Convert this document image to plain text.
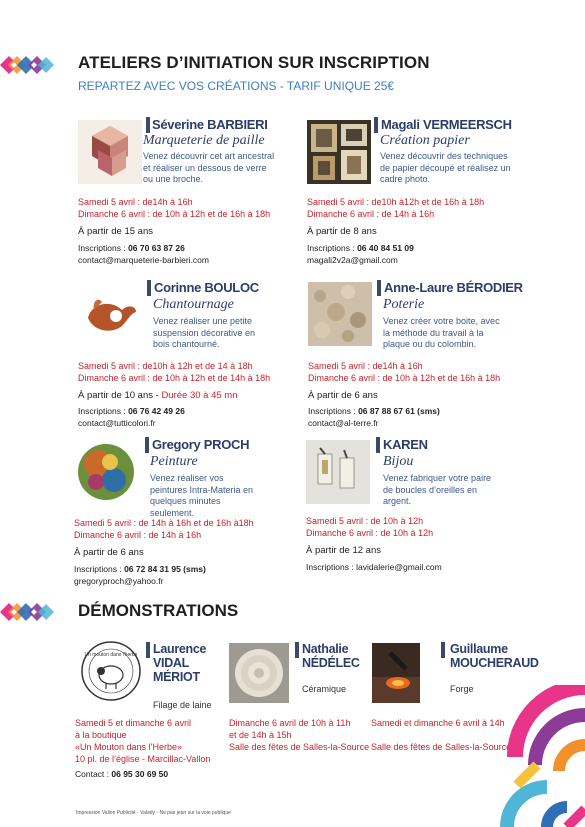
ATELIERS D’INITIATION SUR INSCRIPTION
REPARTEZ AVEC VOS CRÉATIONS - TARIF UNIQUE 25€
Séverine BARBIERI
Marqueterie de paille
Venez découvrir cet art ancestral et réaliser un dessous de verre ou une broche.
Samedi 5 avril : de14h à 16h
Dimanche 6 avril : de 10h à 12h et de 16h à 18h
À partir de 15 ans
Inscriptions : 06 70 63 87 26
contact@marqueterie-barbieri.com
Magali VERMEERSCH
Création papier
Venez découvrir des techniques de papier découpé et réalisez un cadre photo.
Samedi 5 avril : de10h à12h et de 16h à 18h
Dimanche 6 avril : de 14h à 16h
À partir de 8 ans
Inscriptions : 06 40 84 51 09
magali2v2a@gmail.com
Corinne BOULOC
Chantournage
Venez réaliser une petite suspension décorative en bois chantourné.
Samedi 5 avril : de10h à 12h et de 14 à 18h
Dimanche 6 avril : de 10h à 12h et de 14h à 18h
À partir de 10 ans - Durée 30 à 45 mn
Inscriptions : 06 76 42 49 26
contact@tutticolori.fr
Anne-Laure BÉRODIER
Poterie
Venez créer votre boite, avec la méthode du travail à la plaque ou du colombin.
Samedi 5 avril : de14h à 16h
Dimanche 6 avril : de 10h à 12h et de 16h à 18h
À partir de 6 ans
Inscriptions : 06 87 88 67 61 (sms)
contact@al-terre.fr
Gregory PROCH
Peinture
Venez réaliser vos peintures Intra-Materia en quelques minutes seulement.
Samedi 5 avril : de 14h à 16h et de 16h à18h
Dimanche 6 avril : de 14h à 16h
À partir de 6 ans
Inscriptions : 06 72 84 31 95 (sms)
gregoryproch@yahoo.fr
KAREN
Bijou
Venez fabriquer votre paire de boucles d’oreilles en argent.
Samedi 5 avril : de 10h à 12h
Dimanche 6 avril : de 10h à 12h
À partir de 12 ans
Inscriptions : lavidalerie@gmail.com
DÉMONSTRATIONS
Un mouton dans l'herbe Laurence
VIDAL
MÉRIOT
Filage de laine
Samedi 5 et dimanche 6 avril
à la boutique
«Un Mouton dans l’Herbe»
10 pl. de l’église - Marcillac-Vallon
Contact : 06 95 30 69 50
Nathalie
NÉDÉLEC
Céramique
Dimanche 6 avril de 10h à 11h
et de 14h à 15h
Salle des fêtes de Salles-la-Source
Guillaume
MOUCHERAUD
Forge
Samedi et dimanche 6 avril à 14h
Salle des fêtes de Salles-la-Source
Impression Vallon Publicité - Valady - Ne pas jeter sur la voie publique
